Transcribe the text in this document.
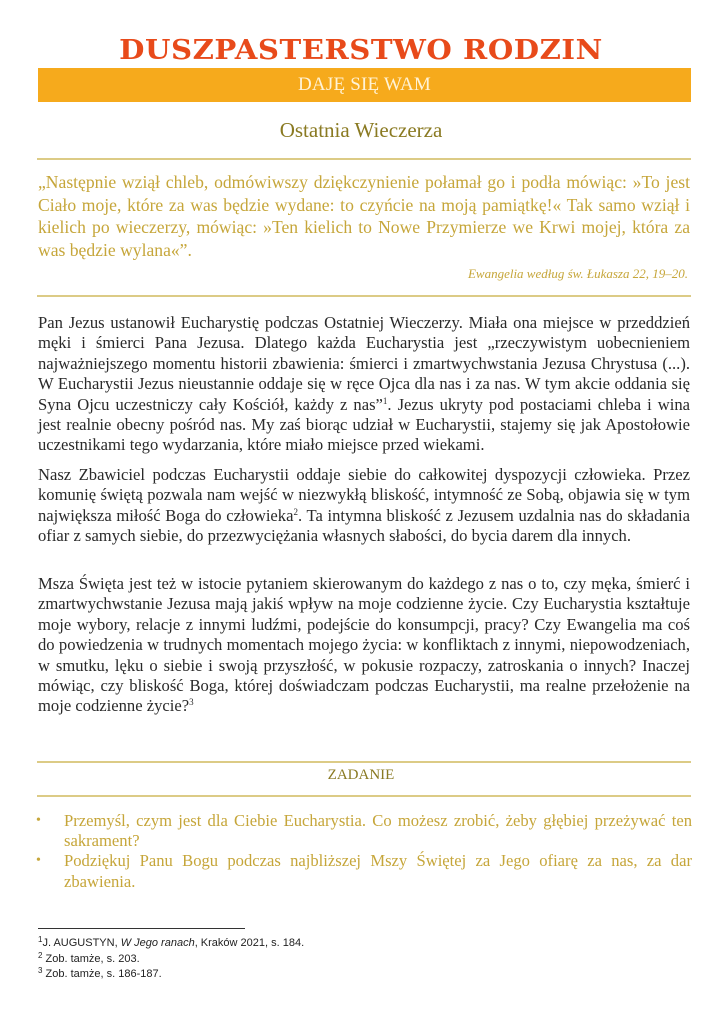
DUSZPASTERSTWO RODZIN
DAJĘ SIĘ WAM
Ostatnia Wieczerza
„Następnie wziął chleb, odmówiwszy dziękczynienie połamał go i podła mówiąc: »To jest Ciało moje, które za was będzie wydane: to czyńcie na moją pamiątkę!« Tak samo wziął i kielich po wieczerzy, mówiąc: »Ten kielich to Nowe Przymierze we Krwi mojej, która za was będzie wylana«”.
Ewangelia według św. Łukasza 22, 19–20.

Pan Jezus ustanowił Eucharystię podczas Ostatniej Wieczerzy. Miała ona miejsce w przeddzień męki i śmierci Pana Jezusa. Dlatego każda Eucharystia jest „rzeczywistym uobecnieniem najważniejszego momentu historii zbawienia: śmierci i zmartwychwstania Jezusa Chrystusa (...). W Eucharystii Jezus nieustannie oddaje się w ręce Ojca dla nas i za nas. W tym akcie oddania się Syna Ojcu uczestniczy cały Kościół, każdy z nas”$^1$. Jezus ukryty pod postaciami chleba i wina jest realnie obecny pośród nas. My zaś biorąc udział w Eucharystii, stajemy się jak Apostołowie uczestnikami tego wydarzania, które miało miejsce przed wiekami.

Nasz Zbawiciel podczas Eucharystii oddaje siebie do całkowitej dyspozycji człowieka. Przez komunię świętą pozwala nam wejść w niezwykłą bliskość, intymność ze Sobą, objawia się w tym największa miłość Boga do człowieka$^2$. Ta intymna bliskość z Jezusem uzdalnia nas do składania ofiar z samych siebie, do przezwyciężania własnych słabości, do bycia darem dla innych.

Msza Święta jest też w istocie pytaniem skierowanym do każdego z nas o to, czy męka, śmierć i zmartwychwstanie Jezusa mają jakiś wpływ na moje codzienne życie. Czy Eucharystia kształtuje moje wybory, relacje z innymi ludźmi, podejście do konsumpcji, pracy? Czy Ewangelia ma coś do powiedzenia w trudnych momentach mojego życia: w konfliktach z innymi, niepowodzeniach, w smutku, lęku o siebie i swoją przyszłość, w pokusie rozpaczy, zatroskania o innych? Inaczej mówiąc, czy bliskość Boga, której doświadczam podczas Eucharystii, ma realne przełożenie na moje codzienne życie?$^3$

ZADANIE
• Przemyśl, czym jest dla Ciebie Eucharystia. Co możesz zrobić, żeby głębiej przeżywać ten sakrament?
• Podziękuj Panu Bogu podczas najbliższej Mszy Świętej za Jego ofiarę za nas, za dar zbawienia.
$^1$J. AUGUSTYN, W Jego ranach, Kraków 2021, s. 184.
$^2$ Zob. tamże, s. 203.
$^3$ Zob. tamże, s. 186-187.
